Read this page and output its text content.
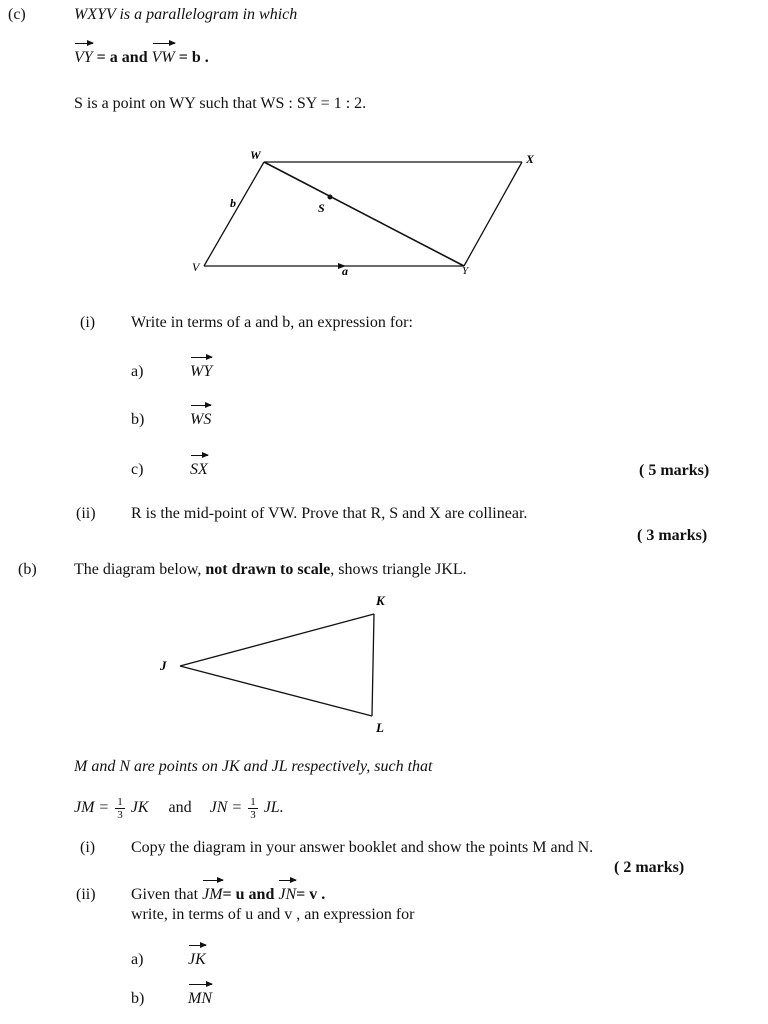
(c)	WXYV is a parallelogram in which
VY = a and VW = b .
S is a point on WY such that WS : SY = 1 : 2.
W	X
Y
V
S
a
b
(i) Write in terms of a and b, an expression for:
a)	WY
b)	WS
c)	SX	( 5 marks)
(ii) R is the mid-point of VW. Prove that R, S and X are collinear.
( 3 marks)
(b) The diagram below, not drawn to scale, shows triangle JKL.
K
J
L
M and N are points on JK and JL respectively, such that
JM = $\frac{1}{3}$ JK and JN = $\frac{1}{3}$ JL.
(i) Copy the diagram in your answer booklet and show the points M and N.
( 2 marks)
(ii) Given that JM= u and JN= v .
write, in terms of u and v , an expression for
a)	JK
b)	MN
